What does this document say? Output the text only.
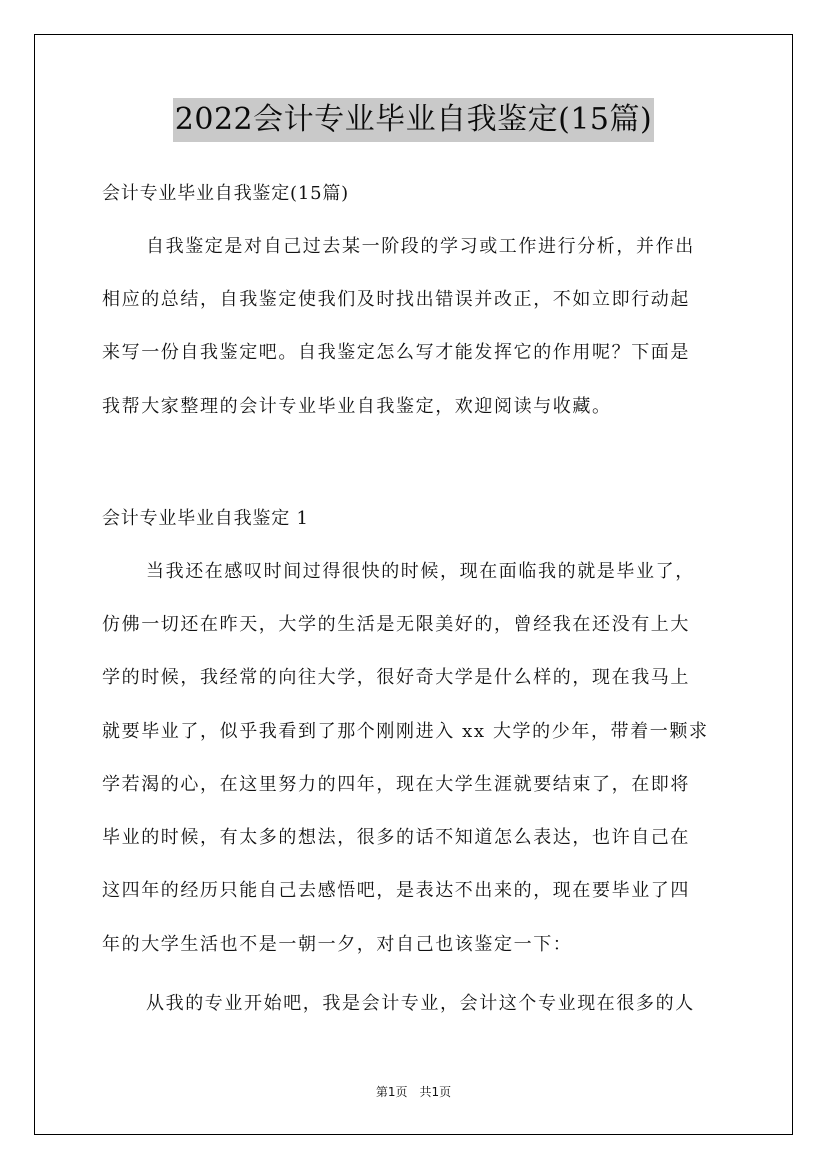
2022会计专业毕业自我鉴定(15篇)
会计专业毕业自我鉴定(15篇)
自我鉴定是对自己过去某一阶段的学习或工作进行分析，并作出
相应的总结，自我鉴定使我们及时找出错误并改正，不如立即行动起
来写一份自我鉴定吧。自我鉴定怎么写才能发挥它的作用呢？下面是
我帮大家整理的会计专业毕业自我鉴定，欢迎阅读与收藏。
会计专业毕业自我鉴定 1
当我还在感叹时间过得很快的时候，现在面临我的就是毕业了，
仿佛一切还在昨天，大学的生活是无限美好的，曾经我在还没有上大
学的时候，我经常的向往大学，很好奇大学是什么样的，现在我马上
就要毕业了，似乎我看到了那个刚刚进入 xx 大学的少年，带着一颗求
学若渴的心，在这里努力的四年，现在大学生涯就要结束了，在即将
毕业的时候，有太多的想法，很多的话不知道怎么表达，也许自己在
这四年的经历只能自己去感悟吧，是表达不出来的，现在要毕业了四
年的大学生活也不是一朝一夕，对自己也该鉴定一下：
从我的专业开始吧，我是会计专业，会计这个专业现在很多的人
第1页 共1页
